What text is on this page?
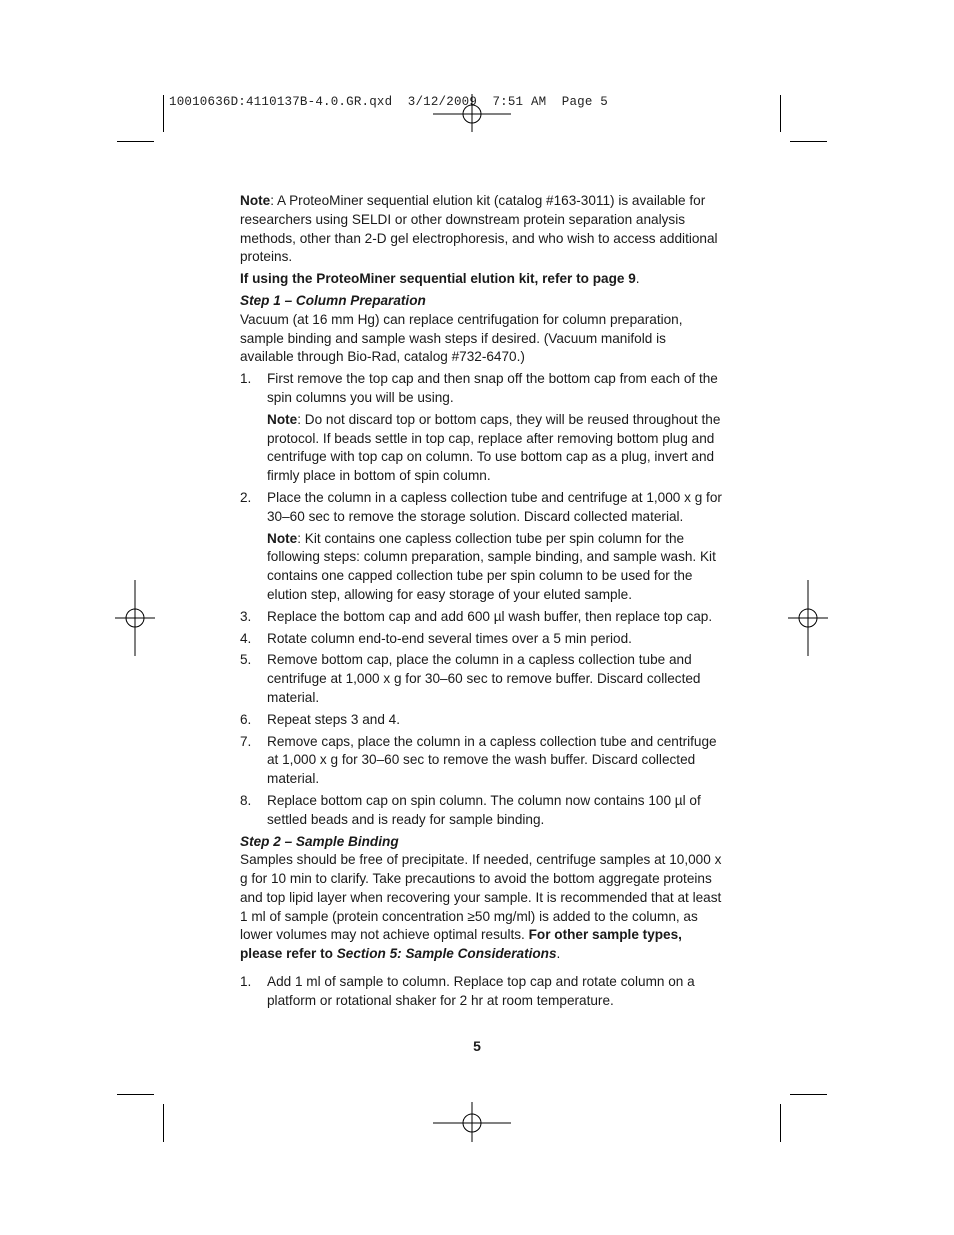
10010636D:4110137B-4.0.GR.qxd  3/12/2009  7:51 AM  Page 5

Note: A ProteoMiner sequential elution kit (catalog #163-3011) is available for researchers using SELDI or other downstream protein separation analysis methods, other than 2-D gel electrophoresis, and who wish to access additional proteins.

If using the ProteoMiner sequential elution kit, refer to page 9.

Step 1 – Column Preparation

Vacuum (at 16 mm Hg) can replace centrifugation for column preparation, sample binding and sample wash steps if desired. (Vacuum manifold is available through Bio-Rad, catalog #732-6470.)

1. First remove the top cap and then snap off the bottom cap from each of the spin columns you will be using.

Note: Do not discard top or bottom caps, they will be reused throughout the protocol. If beads settle in top cap, replace after removing bottom plug and centrifuge with top cap on column. To use bottom cap as a plug, invert and firmly place in bottom of spin column.

2. Place the column in a capless collection tube and centrifuge at 1,000 x g for 30–60 sec to remove the storage solution. Discard collected material.

Note: Kit contains one capless collection tube per spin column for the following steps: column preparation, sample binding, and sample wash. Kit contains one capped collection tube per spin column to be used for the elution step, allowing for easy storage of your eluted sample.

3. Replace the bottom cap and add 600 µl wash buffer, then replace top cap.

4. Rotate column end-to-end several times over a 5 min period.

5. Remove bottom cap, place the column in a capless collection tube and centrifuge at 1,000 x g for 30–60 sec to remove buffer. Discard collected material.

6. Repeat steps 3 and 4.

7. Remove caps, place the column in a capless collection tube and centrifuge at 1,000 x g for 30–60 sec to remove the wash buffer. Discard collected material.

8. Replace bottom cap on spin column. The column now contains 100 µl of settled beads and is ready for sample binding.

Step 2 – Sample Binding

Samples should be free of precipitate. If needed, centrifuge samples at 10,000 x g for 10 min to clarify. Take precautions to avoid the bottom aggregate proteins and top lipid layer when recovering your sample. It is recommended that at least 1 ml of sample (protein concentration ≥50 mg/ml) is added to the column, as lower volumes may not achieve optimal results. For other sample types, please refer to Section 5: Sample Considerations.

1. Add 1 ml of sample to column. Replace top cap and rotate column on a platform or rotational shaker for 2 hr at room temperature.

5
